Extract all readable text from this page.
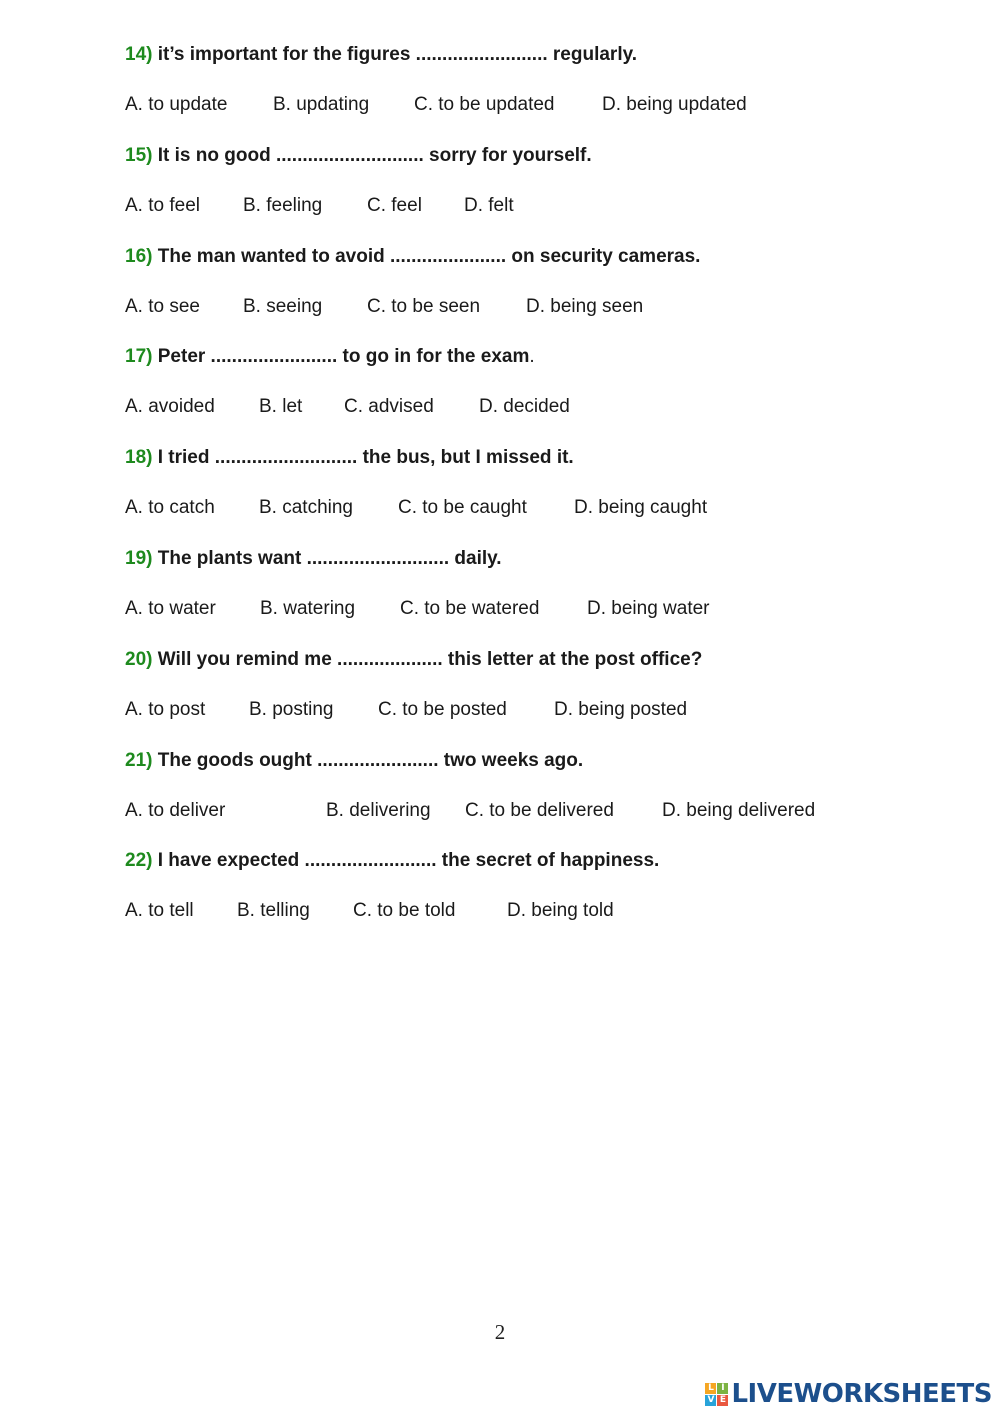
14) it’s important for the figures ......................... regularly.
A. to update B. updating C. to be updated	D. being updated
15) It is no good ............................ sorry for yourself.
A. to feel B. feeling C. feel D. felt
16) The man wanted to avoid ...................... on security cameras.
A. to see B. seeing C. to be seen D. being seen
17) Peter ........................ to go in for the exam.
A. avoided B. let C. advised D. decided
18) I tried ........................... the bus, but I missed it.
A. to catch B. catching C. to be caught D. being caught
19) The plants want ........................... daily.
A. to water B. watering C. to be watered	D. being water
20) Will you remind me .................... this letter at the post office?
A. to post B. posting C. to be posted D. being posted
21) The goods ought ....................... two weeks ago.
A. to deliver	B. delivering C. to be delivered	D. being delivered
22) I have expected ......................... the secret of happiness.
A. to tell B. telling C. to be told	D. being told
2
L I
V E LIVEWORKSHEETS
